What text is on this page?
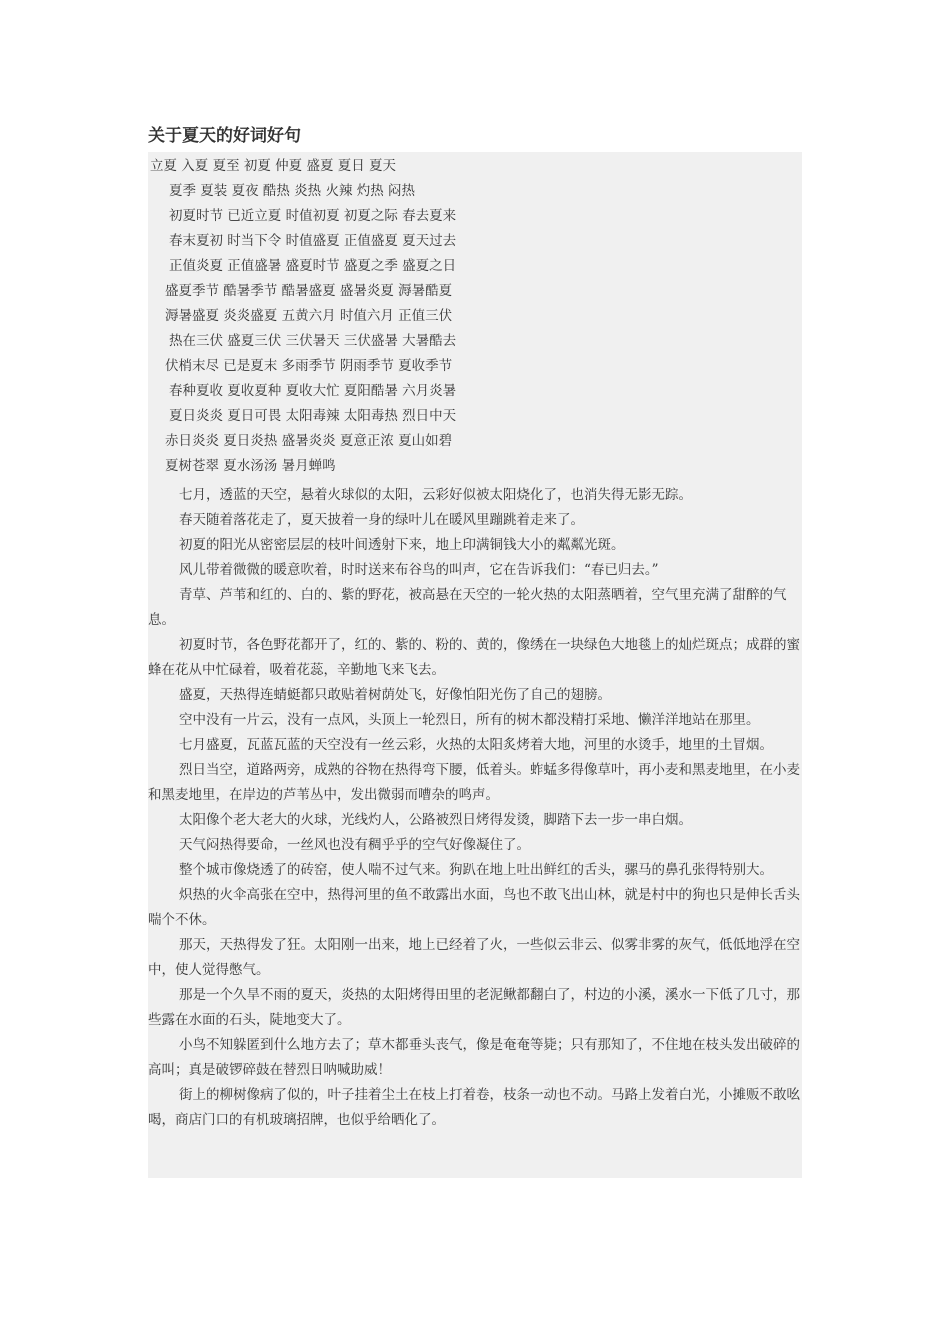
关于夏天的好词好句
立夏 入夏 夏至 初夏 仲夏 盛夏 夏日 夏天
夏季 夏装 夏夜 酷热 炎热 火辣 灼热 闷热
初夏时节 已近立夏 时值初夏 初夏之际 春去夏来
春末夏初 时当下令 时值盛夏 正值盛夏 夏天过去
正值炎夏 正值盛暑 盛夏时节 盛夏之季 盛夏之日
盛夏季节 酷暑季节 酷暑盛夏 盛暑炎夏 溽暑酷夏
溽暑盛夏 炎炎盛夏 五黄六月 时值六月 正值三伏
热在三伏 盛夏三伏 三伏暑天 三伏盛暑 大暑酷去
伏梢末尽 已是夏末 多雨季节 阴雨季节 夏收季节
春种夏收 夏收夏种 夏收大忙 夏阳酷暑 六月炎暑
夏日炎炎 夏日可畏 太阳毒辣 太阳毒热 烈日中天
赤日炎炎 夏日炎热 盛暑炎炎 夏意正浓 夏山如碧
夏树苍翠 夏水汤汤 暑月蝉鸣

七月，透蓝的天空，悬着火球似的太阳，云彩好似被太阳烧化了，也消失得无影无踪。

春天随着落花走了，夏天披着一身的绿叶儿在暖风里蹦跳着走来了。

初夏的阳光从密密层层的枝叶间透射下来，地上印满铜钱大小的粼粼光斑。

风儿带着微微的暖意吹着，时时送来布谷鸟的叫声，它在告诉我们：“春已归去。”

青草、芦苇和红的、白的、紫的野花，被高悬在天空的一轮火热的太阳蒸晒着，空气里充满了甜醉的气息。

初夏时节，各色野花都开了，红的、紫的、粉的、黄的，像绣在一块绿色大地毯上的灿烂斑点；成群的蜜蜂在花从中忙碌着，吸着花蕊，辛勤地飞来飞去。

盛夏，天热得连蜻蜓都只敢贴着树荫处飞，好像怕阳光伤了自己的翅膀。

空中没有一片云，没有一点风，头顶上一轮烈日，所有的树木都没精打采地、懒洋洋地站在那里。

七月盛夏，瓦蓝瓦蓝的天空没有一丝云彩，火热的太阳炙烤着大地，河里的水烫手，地里的土冒烟。

烈日当空，道路两旁，成熟的谷物在热得弯下腰，低着头。蚱蜢多得像草叶，再小麦和黑麦地里，在小麦和黑麦地里，在岸边的芦苇丛中，发出微弱而嘈杂的鸣声。

太阳像个老大老大的火球，光线灼人，公路被烈日烤得发烫，脚踏下去一步一串白烟。

天气闷热得要命，一丝风也没有稠乎乎的空气好像凝住了。

整个城市像烧透了的砖窑，使人喘不过气来。狗趴在地上吐出鲜红的舌头，骡马的鼻孔张得特别大。

炽热的火伞高张在空中，热得河里的鱼不敢露出水面，鸟也不敢飞出山林，就是村中的狗也只是伸长舌头喘个不休。

那天，天热得发了狂。太阳刚一出来，地上已经着了火，一些似云非云、似雾非雾的灰气，低低地浮在空中，使人觉得憋气。

那是一个久旱不雨的夏天，炎热的太阳烤得田里的老泥鳅都翻白了，村边的小溪，溪水一下低了几寸，那些露在水面的石头，陡地变大了。

小鸟不知躲匿到什么地方去了；草木都垂头丧气，像是奄奄等毙；只有那知了，不住地在枝头发出破碎的高叫；真是破锣碎鼓在替烈日呐喊助威！

街上的柳树像病了似的，叶子挂着尘土在枝上打着卷，枝条一动也不动。马路上发着白光，小摊贩不敢吆喝，商店门口的有机玻璃招牌，也似乎给晒化了。
